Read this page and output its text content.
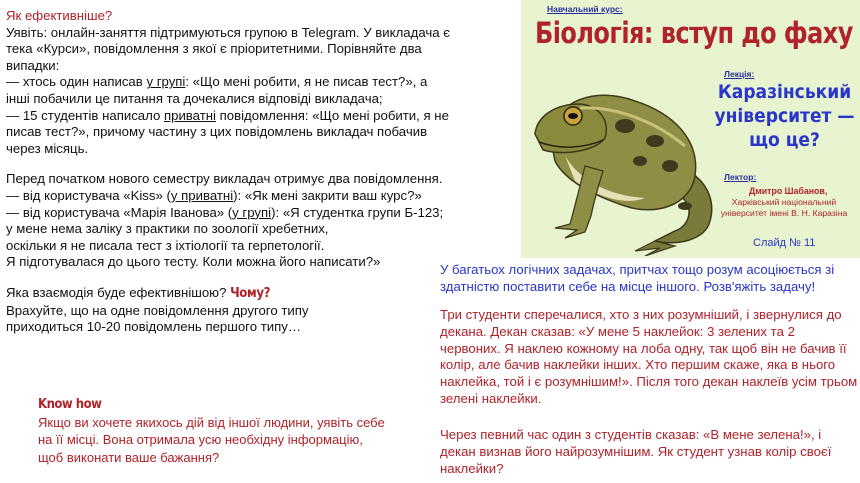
Як ефективніше?
Уявіть: онлайн-заняття підтримуються групою в Telegram. У викладача є
тека «Курси», повідомлення з якої є пріоритетними. Порівняйте два
випадки:
— хтось один написав у групі: «Що мені робити, я не писав тест?», а
інші побачили це питання та дочекалися відповіді викладача;
— 15 студентів написало приватні повідомлення: «Що мені робити, я не
писав тест?», причому частину з цих повідомлень викладач побачив
через місяць.
Перед початком нового семестру викладач отримує два повідомлення.
— від користувача «Kiss» (у приватні): «Як мені закрити ваш курс?»
— від користувача «Марія Іванова» (у групі): «Я студентка групи Б-123;
у мене нема заліку з практики по зоології хребетних,
оскільки я не писала тест з іхтіології та герпетології.
Я підготувалася до цього тесту. Коли можна його написати?»
Яка взаємодія буде ефективнішою? Чому?
Врахуйте, що на одне повідомлення другого типу
приходиться 10-20 повідомлень першого типу…
Know how
Якщо ви хочете якихось дій від іншої людини, уявіть себе
на її місці. Вона отримала усю необхідну інформацію,
щоб виконати ваше бажання?
Навчальний курс:
Біологія: вступ до фаху
Лекція:
Каразінський університет — що це?
Лектор:
Дмитро Шабанов,
Харківський національний університет імені В. Н. Каразіна
Слайд № 11
У багатьох логічних задачах, притчах тощо розум асоціюється зі здатністю поставити себе на місце іншого. Розв'яжіть задачу!
Три студенти сперечалися, хто з них розумніший, і звернулися до декана. Декан сказав: «У мене 5 наклейок: 3 зелених та 2 червоних. Я наклею кожному на лоба одну, так щоб він не бачив її колір, але бачив наклейки інших. Хто першим скаже, яка в нього наклейка, той і є розумнішим!». Після того декан наклеїв усім трьом зелені наклейки.
Через певний час один з студентів сказав: «В мене зелена!», і декан визнав його найрозумнішим. Як студент узнав колір своєї наклейки?
